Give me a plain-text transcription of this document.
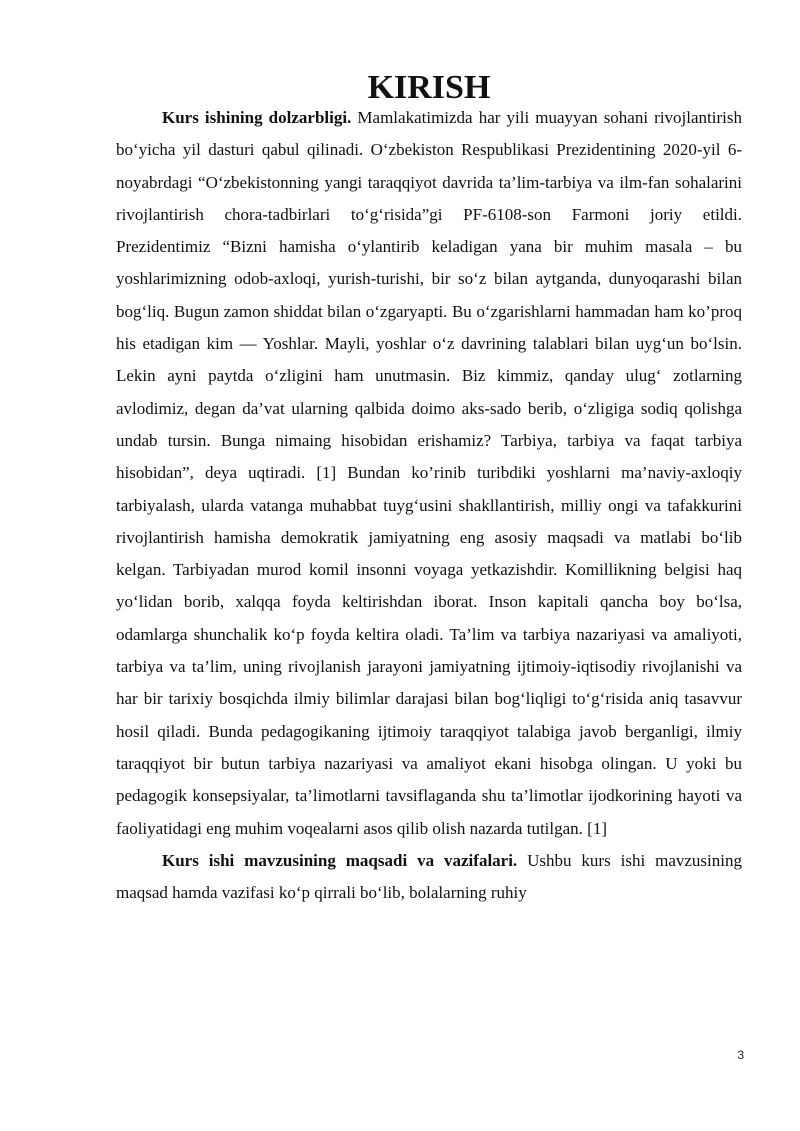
KIRISH

Kurs ishining dolzarbligi. Mamlakatimizda har yili muayyan sohani rivojlantirish bo‘yicha yil dasturi qabul qilinadi. O‘zbekiston Respublikasi Prezidentining 2020-yil 6-noyabrdagi “O‘zbekistonning yangi taraqqiyot davrida ta’lim-tarbiya va ilm-fan sohalarini rivojlantirish chora-tadbirlari to‘g‘risida”gi PF-6108-son Farmoni joriy etildi. Prezidentimiz “Bizni hamisha o‘ylantirib keladigan yana bir muhim masala – bu yoshlarimizning odob-axloqi, yurish-turishi, bir so‘z bilan aytganda, dunyoqarashi bilan bog‘liq. Bugun zamon shiddat bilan o‘zgaryapti. Bu o‘zgarishlarni hammadan ham ko’proq his etadigan kim — Yoshlar. Mayli, yoshlar o‘z davrining talablari bilan uyg‘un bo‘lsin. Lekin ayni paytda o‘zligini ham unutmasin. Biz kimmiz, qanday ulug‘ zotlarning avlodimiz, degan da’vat ularning qalbida doimo aks-sado berib, o‘zligiga sodiq qolishga undab tursin. Bunga nimaing hisobidan erishamiz? Tarbiya, tarbiya va faqat tarbiya hisobidan”, deya uqtiradi. [1] Bundan ko’rinib turibdiki yoshlarni ma’naviy-axloqiy tarbiyalash, ularda vatanga muhabbat tuyg‘usini shakllantirish, milliy ongi va tafakkurini rivojlantirish hamisha demokratik jamiyatning eng asosiy maqsadi va matlabi bo‘lib kelgan. Tarbiyadan murod komil insonni voyaga yetkazishdir. Komillikning belgisi haq yo‘lidan borib, xalqqa foyda keltirishdan iborat. Inson kapitali qancha boy bo‘lsa, odamlarga shunchalik ko‘p foyda keltira oladi. Ta’lim va tarbiya nazariyasi va amaliyoti, tarbiya va ta’lim, uning rivojlanish jarayoni jamiyatning ijtimoiy-iqtisodiy rivojlanishi va har bir tarixiy bosqichda ilmiy bilimlar darajasi bilan bog‘liqligi to‘g‘risida aniq tasavvur hosil qiladi. Bunda pedagogikaning ijtimoiy taraqqiyot talabiga javob berganligi, ilmiy taraqqiyot bir butun tarbiya nazariyasi va amaliyot ekani hisobga olingan. U yoki bu pedagogik konsepsiyalar, ta’limotlarni tavsiflaganda shu ta’limotlar ijodkorining hayoti va faoliyatidagi eng muhim voqealarni asos qilib olish nazarda tutilgan. [1]

Kurs ishi mavzusining maqsadi va vazifalari. Ushbu kurs ishi mavzusining maqsad hamda vazifasi ko‘p qirrali bo‘lib, bolalarning ruhiy

3
